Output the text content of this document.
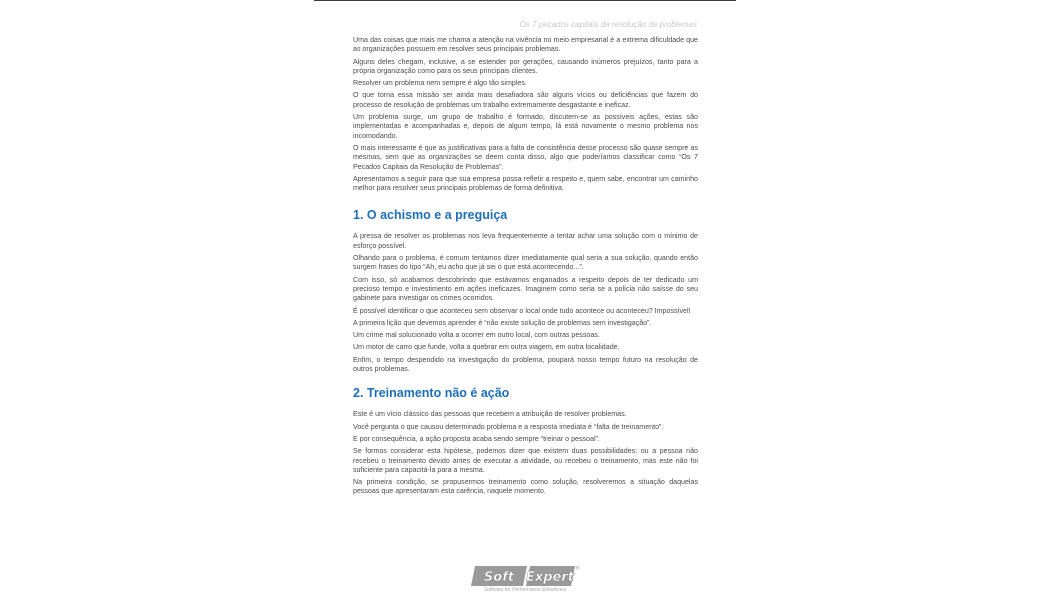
Os 7 pecados capitais da resolução de problemas

Uma das coisas que mais me chama a atenção na vivência no meio empresarial é a extrema dificuldade que as organizações possuem em resolver seus principais problemas.

Alguns deles chegam, inclusive, a se estender por gerações, causando inúmeros prejuízos, tanto para a própria organização como para os seus principais clientes.

Resolver um problema nem sempre é algo tão simples.

O que torna essa missão ser ainda mais desafiadora são alguns vícios ou deficiências que fazem do processo de resolução de problemas um trabalho extremamente desgastante e ineficaz.

Um problema surge, um grupo de trabalho é formado, discutem-se as possíveis ações, estas são implementadas e acompanhadas e, depois de algum tempo, lá está novamente o mesmo problema nos incomodando.

O mais interessante é que as justificativas para a falta de consistência desse processo são quase sempre as mesmas, sem que as organizações se deem conta disso, algo que poderíamos classificar como “Os 7 Pecados Capitais da Resolução de Problemas”.

Apresentamos a seguir para que sua empresa possa refletir a respeito e, quem sabe, encontrar um caminho melhor para resolver seus principais problemas de forma definitiva.

1. O achismo e a preguiça

A pressa de resolver os problemas nos leva frequentemente a tentar achar uma solução com o mínimo de esforço possível.

Olhando para o problema, é comum tentamos dizer imediatamente qual seria a sua solução, quando então surgem frases do tipo “Ah, eu acho que já sei o que está acontecendo...”.

Com isso, só acabamos descobrindo que estávamos enganados a respeito depois de ter dedicado um precioso tempo e investimento em ações ineficazes. Imaginem como seria se a polícia não saísse do seu gabinete para investigar os crimes ocorridos.

É possível identificar o que aconteceu sem observar o local onde tudo acontece ou aconteceu? Impossível!

A primeira lição que devemos aprender é “não existe solução de problemas sem investigação”.

Um crime mal solucionado volta a ocorrer em outro local, com outras pessoas.

Um motor de carro que funde, volta a quebrar em outra viagem, em outra localidade.

Enfim, o tempo despendido na investigação do problema, poupará nosso tempo futuro na resolução de outros problemas.

2. Treinamento não é ação

Este é um vício clássico das pessoas que recebem a atribuição de resolver problemas.

Você pergunta o que causou determinado problema e a resposta imediata é “falta de treinamento”.

E por consequência, a ação proposta acaba sendo sempre “treinar o pessoal”.

Se formos considerar esta hipótese, podemos dizer que existem duas possibilidades: ou a pessoa não recebeu o treinamento devido antes de executar a atividade, ou recebeu o treinamento, mas este não foi suficiente para capacitá-la para a mesma.

Na primeira condição, se propusermos treinamento como solução, resolveremos a situação daquelas pessoas que apresentaram esta carência, naquele momento.

Soft Expert
®
Software for Performance Excellence
